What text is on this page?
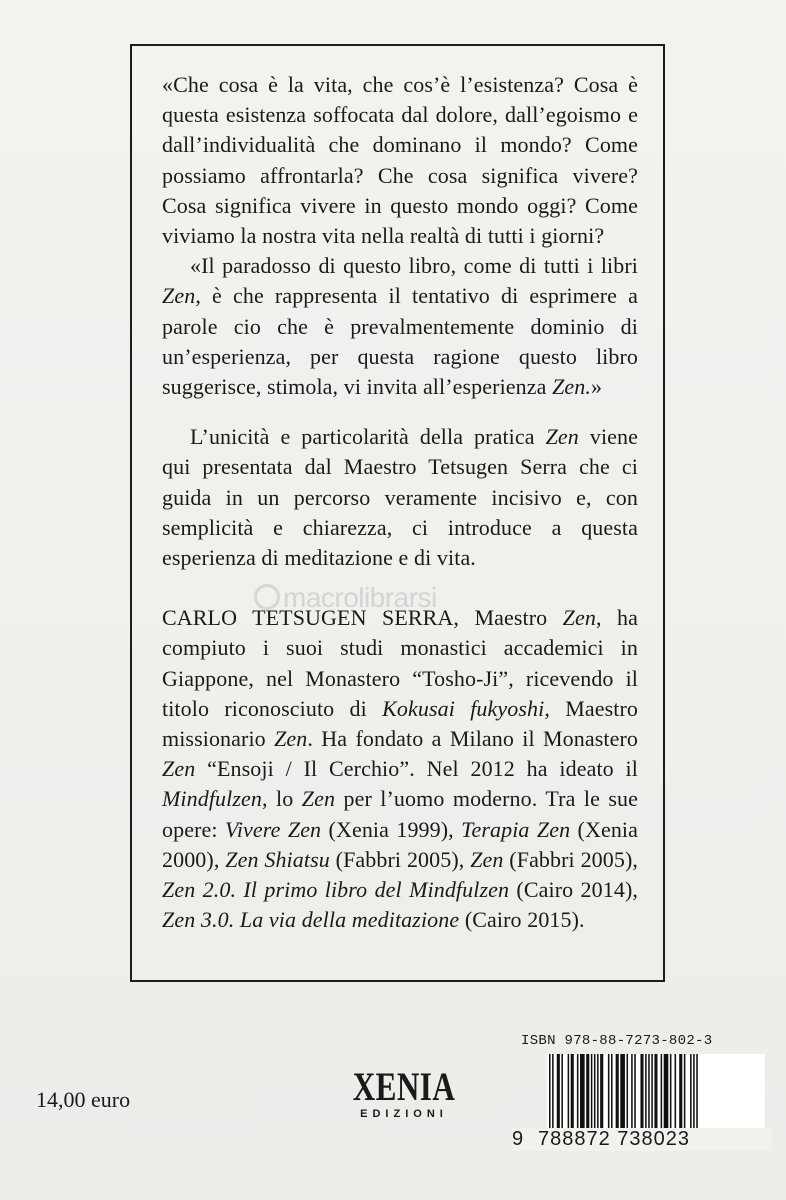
«Che cosa è la vita, che cos’è l’esistenza? Cosa è questa esistenza soffocata dal dolore, dall’egoismo e dall’individualità che dominano il mondo? Come possiamo affrontarla? Che cosa significa vivere? Cosa significa vivere in questo mondo oggi? Come viviamo la nostra vita nella realtà di tutti i giorni?

«Il paradosso di questo libro, come di tutti i libri Zen, è che rappresenta il tentativo di esprimere a parole cio che è prevalmentemente dominio di un’esperienza, per questa ragione questo libro suggerisce, stimola, vi invita all’esperienza Zen.»

L’unicità e particolarità della pratica Zen viene qui presentata dal Maestro Tetsugen Serra che ci guida in un percorso veramente incisivo e, con semplicità e chiarezza, ci introduce a questa esperienza di meditazione e di vita.

CARLO TETSUGEN SERRA, Maestro Zen, ha compiuto i suoi studi monastici accademici in Giappone, nel Monastero “Tosho-Ji”, ricevendo il titolo riconosciuto di Kokusai fukyoshi, Maestro missionario Zen. Ha fondato a Milano il Monastero Zen “Ensoji / Il Cerchio”. Nel 2012 ha ideato il Mindfulzen, lo Zen per l’uomo moderno. Tra le sue opere: Vivere Zen (Xenia 1999), Terapia Zen (Xenia 2000), Zen Shiatsu (Fabbri 2005), Zen (Fabbri 2005), Zen 2.0. Il primo libro del Mindfulzen (Cairo 2014), Zen 3.0. La via della meditazione (Cairo 2015).

macrolibrarsi
14,00 euro	XENIA
EDIZIONI
ISBN 978-88-7273-802-3
9 788872 738023
